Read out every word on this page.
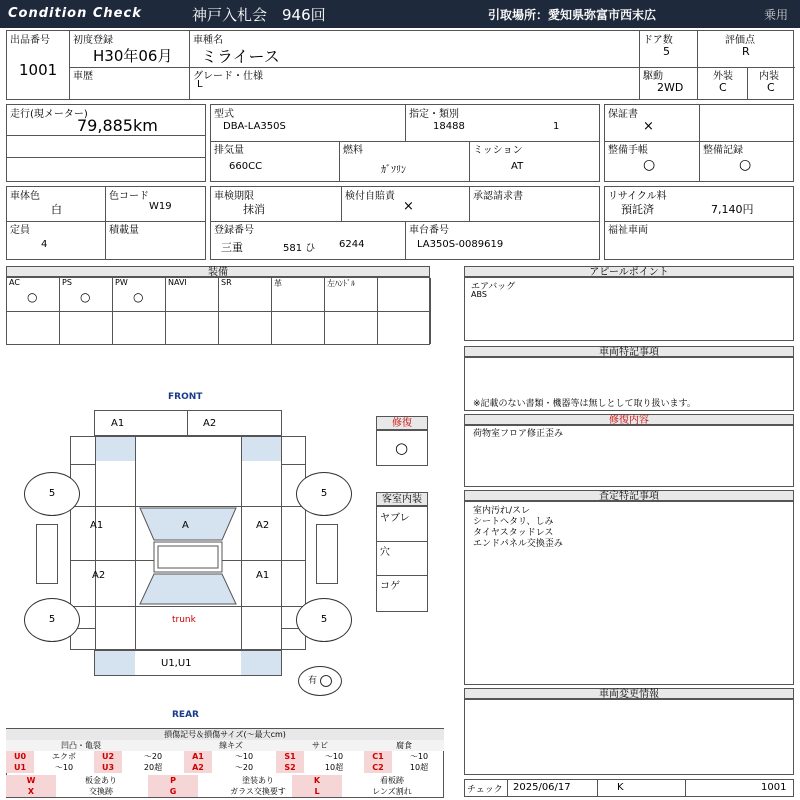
Condition Check	神戸入札会　946回	引取場所：愛知県弥富市西末広	乗用
出品番号
1001
初度登録
H30年06月
車種名
ミライース
ドア数
5
評価点
R
車歴	グレード・仕様
L
駆動
2WD
外装
C
内装
C
走行(現メーター)
79,885km
型式
DBA-LA350S
指定・類別
18488	1
排気量
660CC
燃料
ｶﾞｿﾘﾝ
ミッション
AT
保証書
×
整備手帳
○
整備記録
○
車体色
白
色コード
W19
定員
4
積載量
車検期限
抹消
検付自賠責
×
承認請求書
登録番号
三重	581 ひ 6244
車台番号
LA350S-0089619
リサイクル料
預託済	7,140円
福祉車両
装備
AC
○
PS
○
PW
○
NAVI	SR	革	左ﾊﾝﾄﾞﾙ
修復
○
客室内装
ヤブレ
穴
コゲ
FRONT
A1	A2
A1
A2
A	A2
A1
trunk
5	5
5	5
U1,U1
REAR
有
アピールポイント
エアバッグ
ABS
車両特記事項
※記載のない書類・機器等は無しとして取り扱います。
修復内容
荷物室フロア修正歪み
査定特記事項
室内汚れ/スレ
シートヘタリ、しみ
タイヤスタッドレス
エンドパネル交換歪み
車両変更情報
チェック 2025/06/17	K	1001
損傷記号＆損傷サイズ(〜最大cm)
凹凸・亀裂	線キズ	サビ	腐食
U0	エクボ	U2	〜20	A1	〜10	S1	〜10	C1	〜10
U1	〜10	U3	20超	A2	〜20	S2	10超	C2	10超
W	板金あり	P	塗装あり	K	看板跡
X	交換跡	G	ガラス交換要す	L	レンズ割れ
